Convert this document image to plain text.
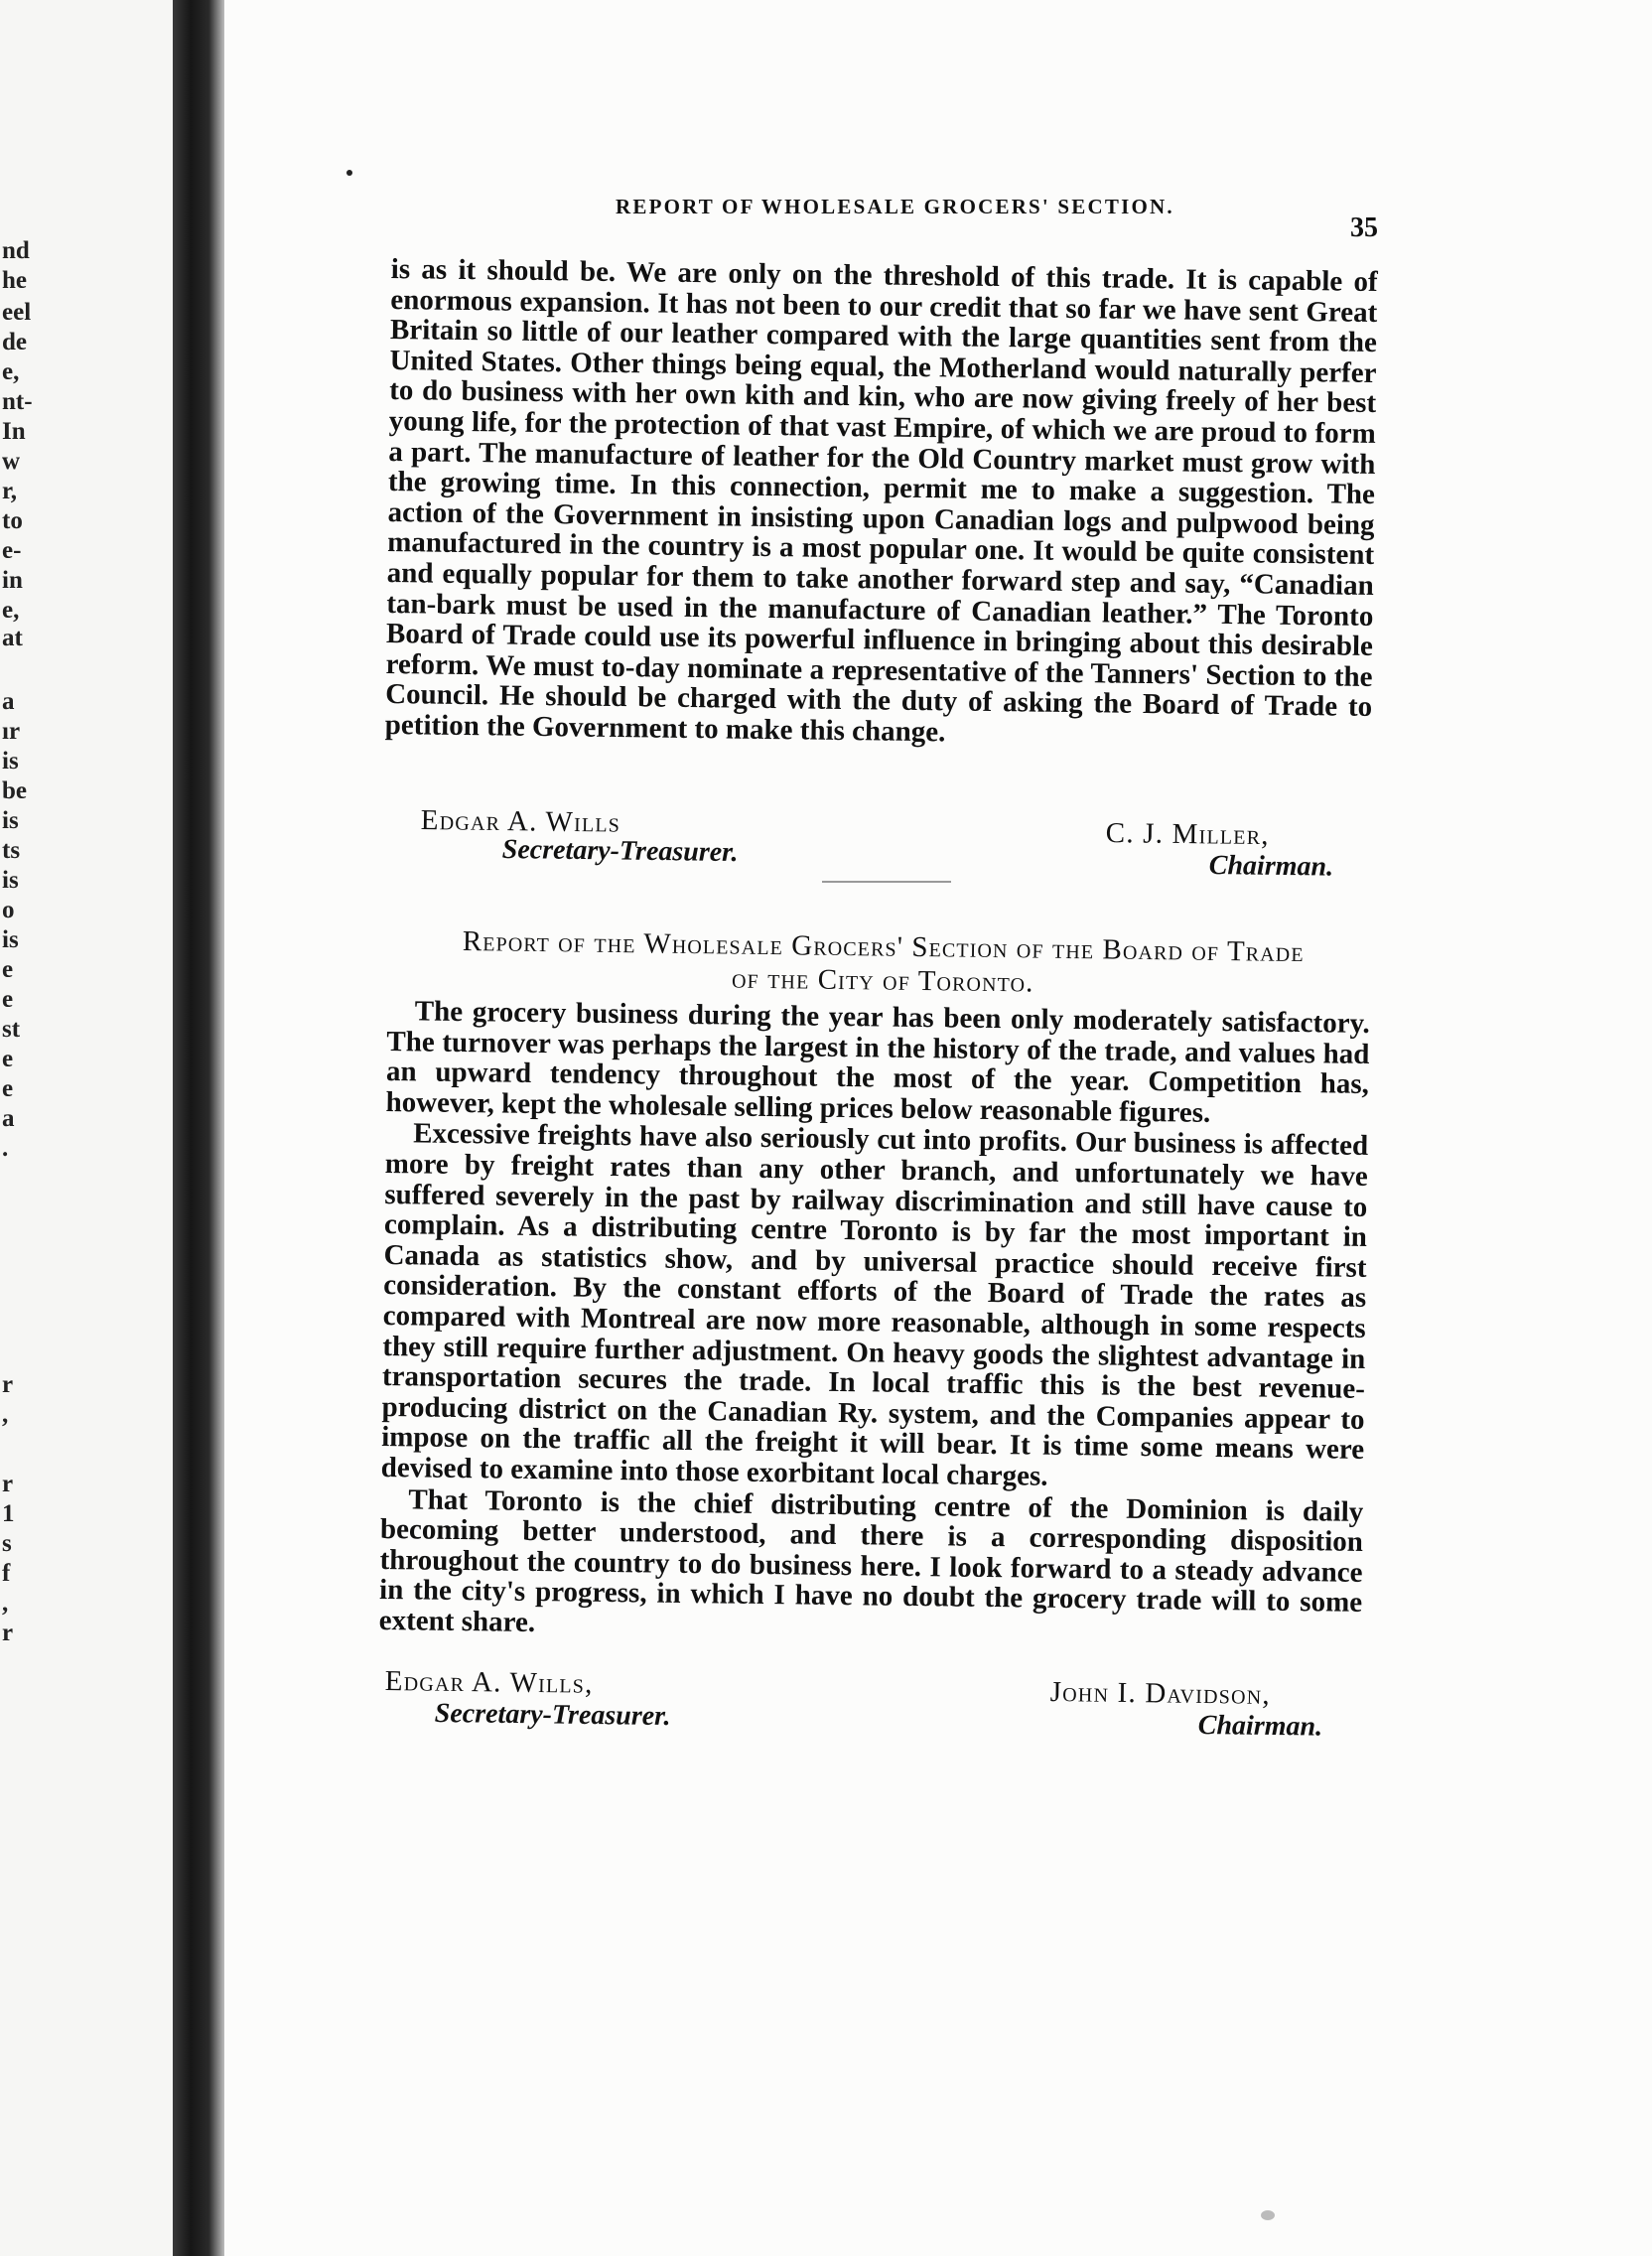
nd
he
eel
de
e,
nt-
In
w
r,
to
e-
in
e,
at
a
ır
is
be
is
ts
is
o
is
e
e
st
e
e
a
.
r
,
r
1
s
f
,
r
REPORT OF WHOLESALE GROCERS' SECTION.
35

is as it should be. We are only on the threshold of this trade. It is capable of enormous expansion. It has not been to our credit that so far we have sent Great Britain so little of our leather compared with the large quantities sent from the United States. Other things being equal, the Motherland would naturally perfer to do business with her own kith and kin, who are now giving freely of her best young life, for the protection of that vast Empire, of which we are proud to form a part. The manufacture of leather for the Old Country market must grow with the growing time. In this connection, permit me to make a suggestion. The action of the Government in insisting upon Canadian logs and pulpwood being manufactured in the country is a most popular one. It would be quite consistent and equally popular for them to take another forward step and say, “Canadian tan-bark must be used in the manufacture of Canadian leather.” The Toronto Board of Trade could use its powerful influence in bringing about this desirable reform. We must to-day nominate a representative of the Tanners' Section to the Council. He should be charged with the duty of asking the Board of Trade to petition the Government to make this change.

Edgar A. Wills
Secretary-Treasurer.	C. J. Miller,
Chairman.
Report of the Wholesale Grocers' Section of the Board of Trade
of the City of Toronto.

The grocery business during the year has been only moderately satisfactory. The turnover was perhaps the largest in the history of the trade, and values had an upward tendency throughout the most of the year. Competition has, however, kept the wholesale selling prices below reasonable figures.

Excessive freights have also seriously cut into profits. Our business is affected more by freight rates than any other branch, and unfortunately we have suffered severely in the past by railway discrimination and still have cause to complain. As a distributing centre Toronto is by far the most important in Canada as statistics show, and by universal practice should receive first consideration. By the constant efforts of the Board of Trade the rates as compared with Montreal are now more reasonable, although in some respects they still require further adjustment. On heavy goods the slightest advantage in transportation secures the trade. In local traffic this is the best revenue-producing district on the Canadian Ry. system, and the Companies appear to impose on the traffic all the freight it will bear. It is time some means were devised to examine into those exorbitant local charges.

That Toronto is the chief distributing centre of the Dominion is daily becoming better understood, and there is a corresponding disposition throughout the country to do business here. I look forward to a steady advance in the city's progress, in which I have no doubt the grocery trade will to some extent share.

Edgar A. Wills,
Secretary-Treasurer.
John I. Davidson,
Chairman.
